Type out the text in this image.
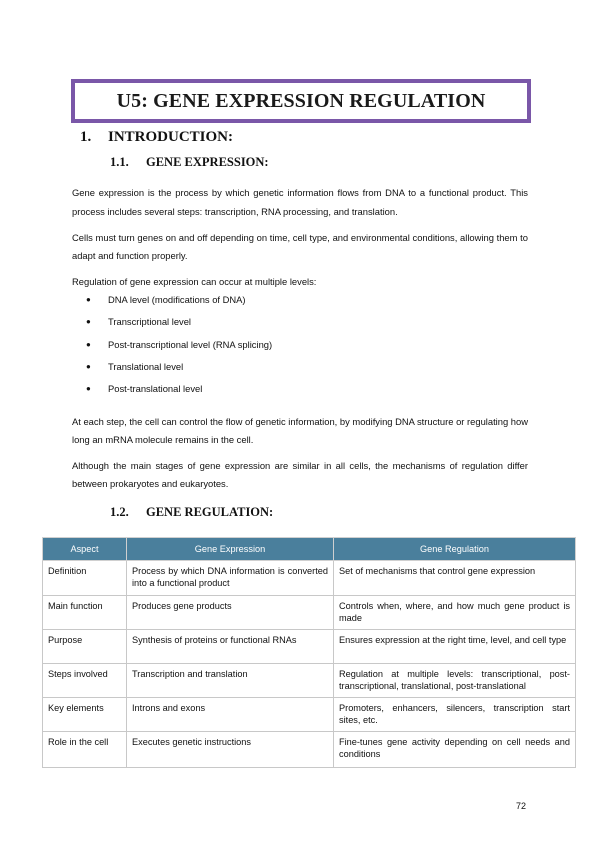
U5: GENE EXPRESSION REGULATION
1. INTRODUCTION:
1.1. GENE EXPRESSION:

Gene expression is the process by which genetic information flows from DNA to a functional product. This process includes several steps: transcription, RNA processing, and translation.

Cells must turn genes on and off depending on time, cell type, and environmental conditions, allowing them to adapt and function properly.

Regulation of gene expression can occur at multiple levels:

●	DNA level (modifications of DNA)
●	Transcriptional level
●	Post-transcriptional level (RNA splicing)
●	Translational level
●	Post-translational level

At each step, the cell can control the flow of genetic information, by modifying DNA structure or regulating how long an mRNA molecule remains in the cell.

Although the main stages of gene expression are similar in all cells, the mechanisms of regulation differ between prokaryotes and eukaryotes.

1.2. GENE REGULATION:
Aspect	Gene Expression	Gene Regulation
Definition	Process by which DNA information is converted into a functional product	Set of mechanisms that control gene expression
Main function	Produces gene products	Controls when, where, and how much gene product is made
Purpose	Synthesis of proteins or functional RNAs	Ensures expression at the right time, level, and cell type
Steps involved	Transcription and translation	Regulation at multiple levels: transcriptional, post-transcriptional, translational, post-translational
Key elements	Introns and exons	Promoters, enhancers, silencers, transcription start sites, etc.
Role in the cell	Executes genetic instructions	Fine-tunes gene activity depending on cell needs and conditions
72
